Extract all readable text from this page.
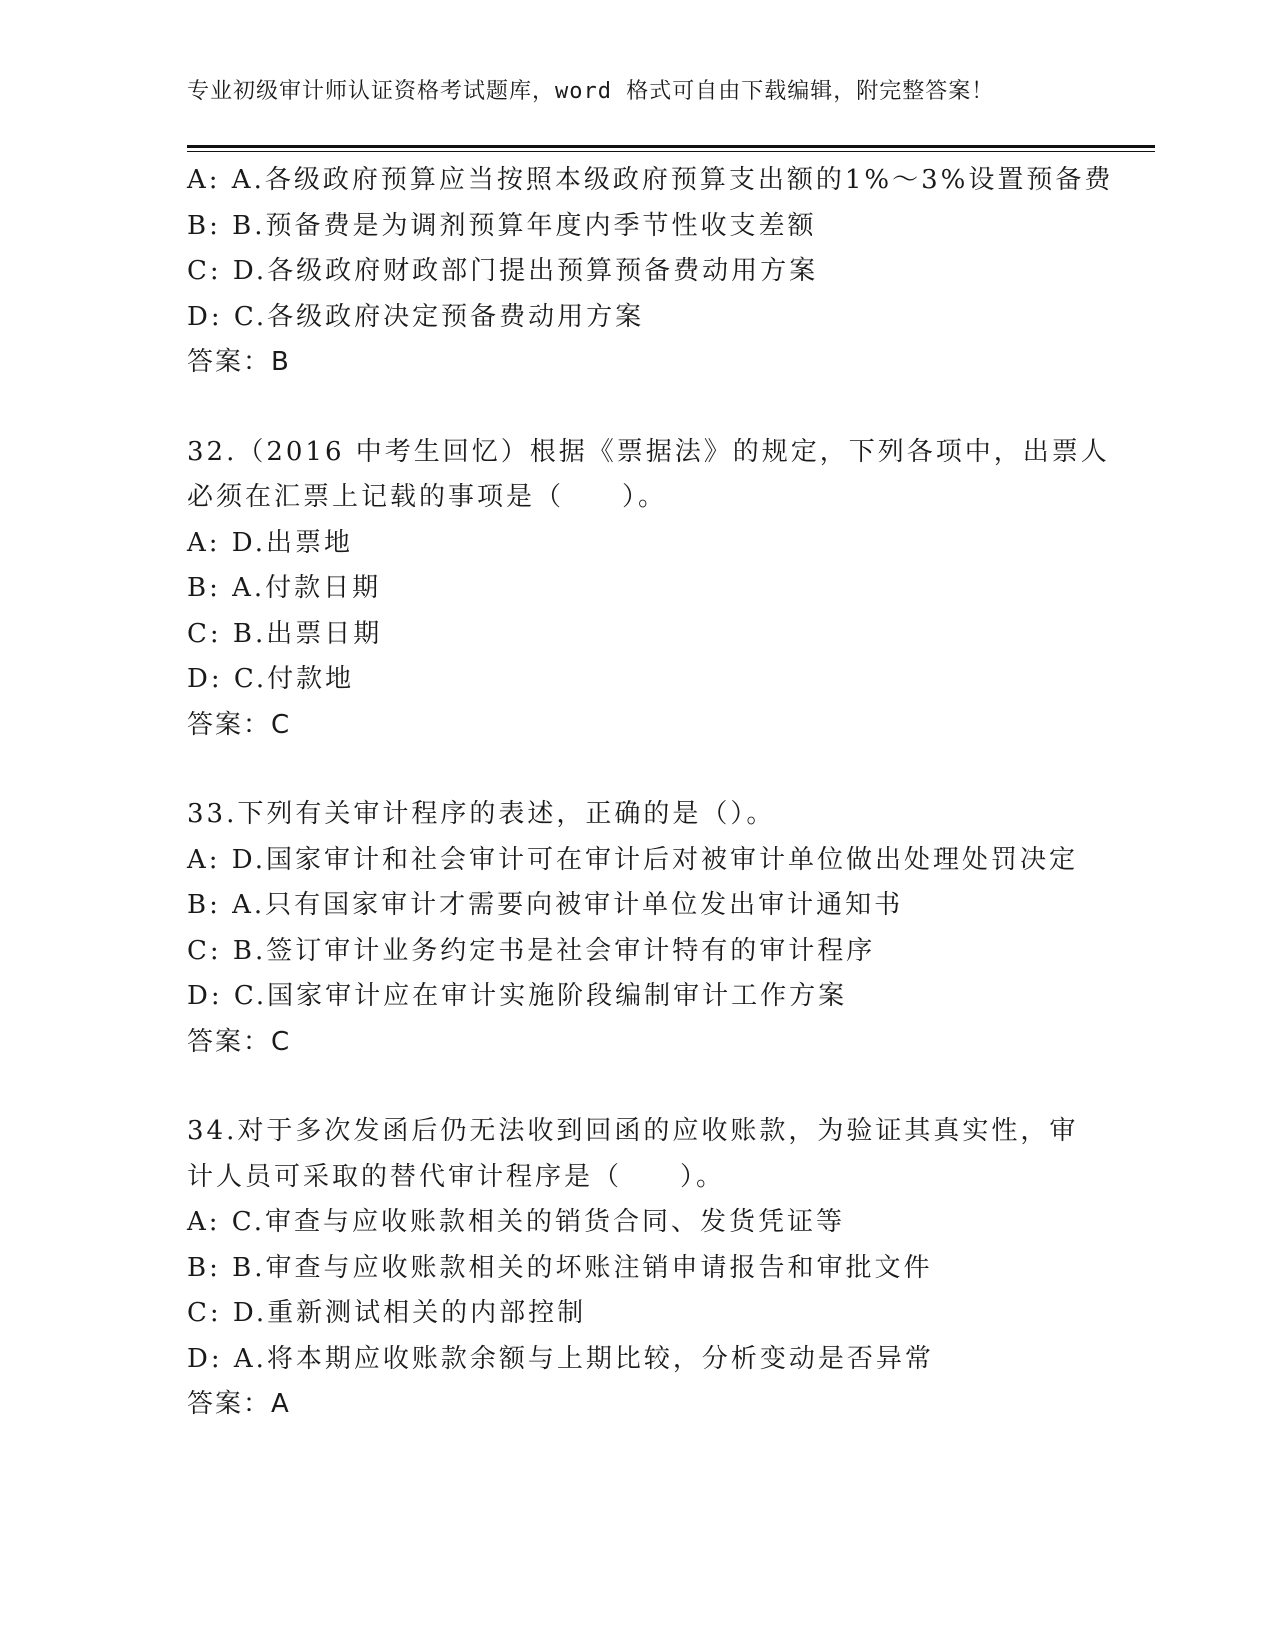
专业初级审计师认证资格考试题库，word 格式可自由下载编辑，附完整答案！
A: A.各级政府预算应当按照本级政府预算支出额的1%～3%设置预备费
B: B.预备费是为调剂预算年度内季节性收支差额
C: D.各级政府财政部门提出预算预备费动用方案
D: C.各级政府决定预备费动用方案
答案：B
32.（2016 中考生回忆）根据《票据法》的规定，下列各项中，出票人
必须在汇票上记载的事项是（　　）。
A: D.出票地
B: A.付款日期
C: B.出票日期
D: C.付款地
答案：C
33.下列有关审计程序的表述，正确的是（）。
A: D.国家审计和社会审计可在审计后对被审计单位做出处理处罚决定
B: A.只有国家审计才需要向被审计单位发出审计通知书
C: B.签订审计业务约定书是社会审计特有的审计程序
D: C.国家审计应在审计实施阶段编制审计工作方案
答案：C
34.对于多次发函后仍无法收到回函的应收账款，为验证其真实性，审
计人员可采取的替代审计程序是（　　）。
A: C.审查与应收账款相关的销货合同、发货凭证等
B: B.审查与应收账款相关的坏账注销申请报告和审批文件
C: D.重新测试相关的内部控制
D: A.将本期应收账款余额与上期比较，分析变动是否异常
答案：A
